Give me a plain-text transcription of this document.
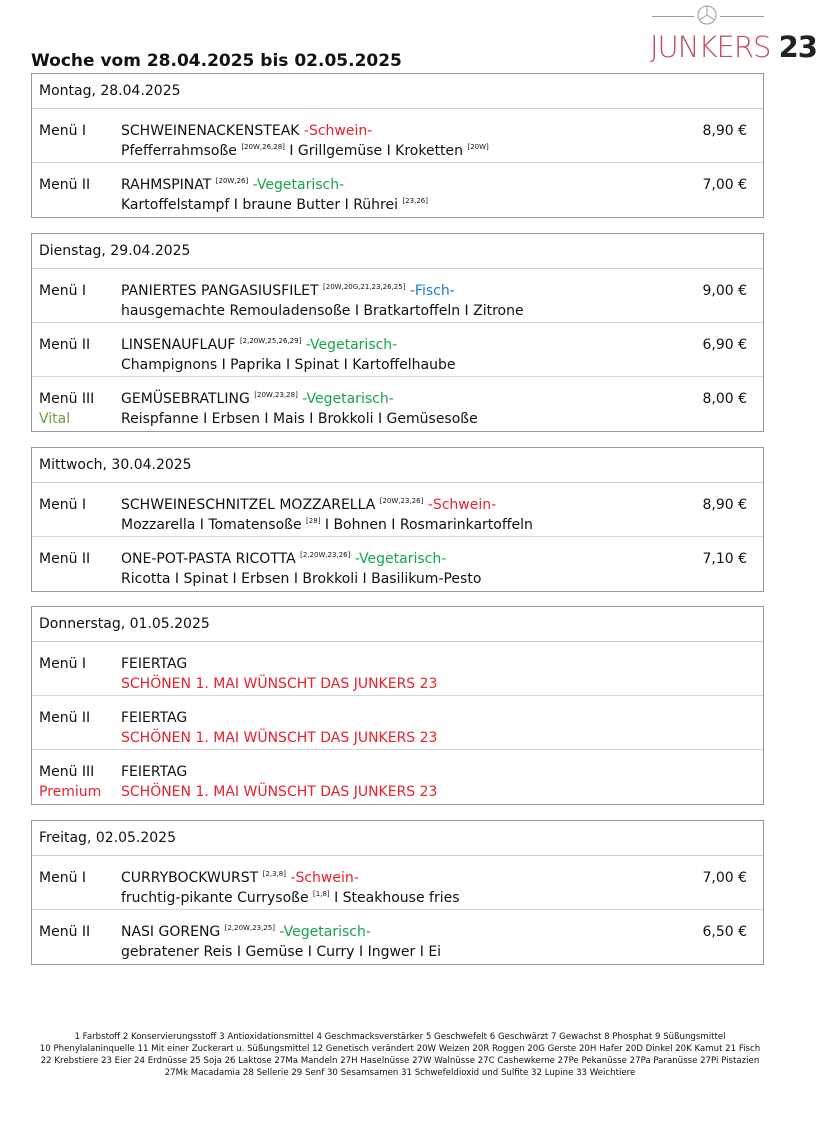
JUNKERS 23
Woche vom 28.04.2025 bis 02.05.2025
Montag, 28.04.2025
Menü I SCHWEINENACKENSTEAK -Schwein-
Pfefferrahmsoße [20W,26,28] I Grillgemüse I Kroketten [20W]
8,90 €
Menü II RAHMSPINAT [20W,26] -Vegetarisch-
Kartoffelstampf I braune Butter I Rührei [23,26]
7,00 €
Dienstag, 29.04.2025
Menü I PANIERTES PANGASIUSFILET [20W,20G,21,23,26,25] -Fisch-
hausgemachte Remouladensoße I Bratkartoffeln I Zitrone
9,00 €
Menü II LINSENAUFLAUF [2,20W,25,26,29] -Vegetarisch-
Champignons I Paprika I Spinat I Kartoffelhaube
6,90 €
Menü III
Vital
GEMÜSEBRATLING [20W,23,28] -Vegetarisch-
Reispfanne I Erbsen I Mais I Brokkoli I Gemüsesoße
8,00 €
Mittwoch, 30.04.2025
Menü I SCHWEINESCHNITZEL MOZZARELLA [20W,23,26] -Schwein-
Mozzarella I Tomatensoße [28] I Bohnen I Rosmarinkartoffeln
8,90 €
Menü II ONE-POT-PASTA RICOTTA [2,20W,23,26] -Vegetarisch-
Ricotta I Spinat I Erbsen I Brokkoli I Basilikum-Pesto
7,10 €
Donnerstag, 01.05.2025
Menü I FEIERTAG
SCHÖNEN 1. MAI WÜNSCHT DAS JUNKERS 23
Menü II FEIERTAG
SCHÖNEN 1. MAI WÜNSCHT DAS JUNKERS 23
Menü III
Premium
FEIERTAG
SCHÖNEN 1. MAI WÜNSCHT DAS JUNKERS 23
Freitag, 02.05.2025
Menü I CURRYBOCKWURST [2,3,8] -Schwein-
fruchtig-pikante Currysoße [1,8] I Steakhouse fries
7,00 €
Menü II NASI GORENG [2,20W,23,25] -Vegetarisch-
gebratener Reis I Gemüse I Curry I Ingwer I Ei
6,50 €
1 Farbstoff 2 Konservierungsstoff 3 Antioxidationsmittel 4 Geschmacksverstärker 5 Geschwefelt 6 Geschwärzt 7 Gewachst 8 Phosphat 9 Süßungsmittel
10 Phenylalaninquelle 11 Mit einer Zuckerart u. Süßungsmittel 12 Genetisch verändert 20W Weizen 20R Roggen 20G Gerste 20H Hafer 20D Dinkel 20K Kamut 21 Fisch
22 Krebstiere 23 Eier 24 Erdnüsse 25 Soja 26 Laktose 27Ma Mandeln 27H Haselnüsse 27W Walnüsse 27C Cashewkerne 27Pe Pekanüsse 27Pa Paranüsse 27Pi Pistazien
27Mk Macadamia 28 Sellerie 29 Senf 30 Sesamsamen 31 Schwefeldioxid und Sulfite 32 Lupine 33 Weichtiere
